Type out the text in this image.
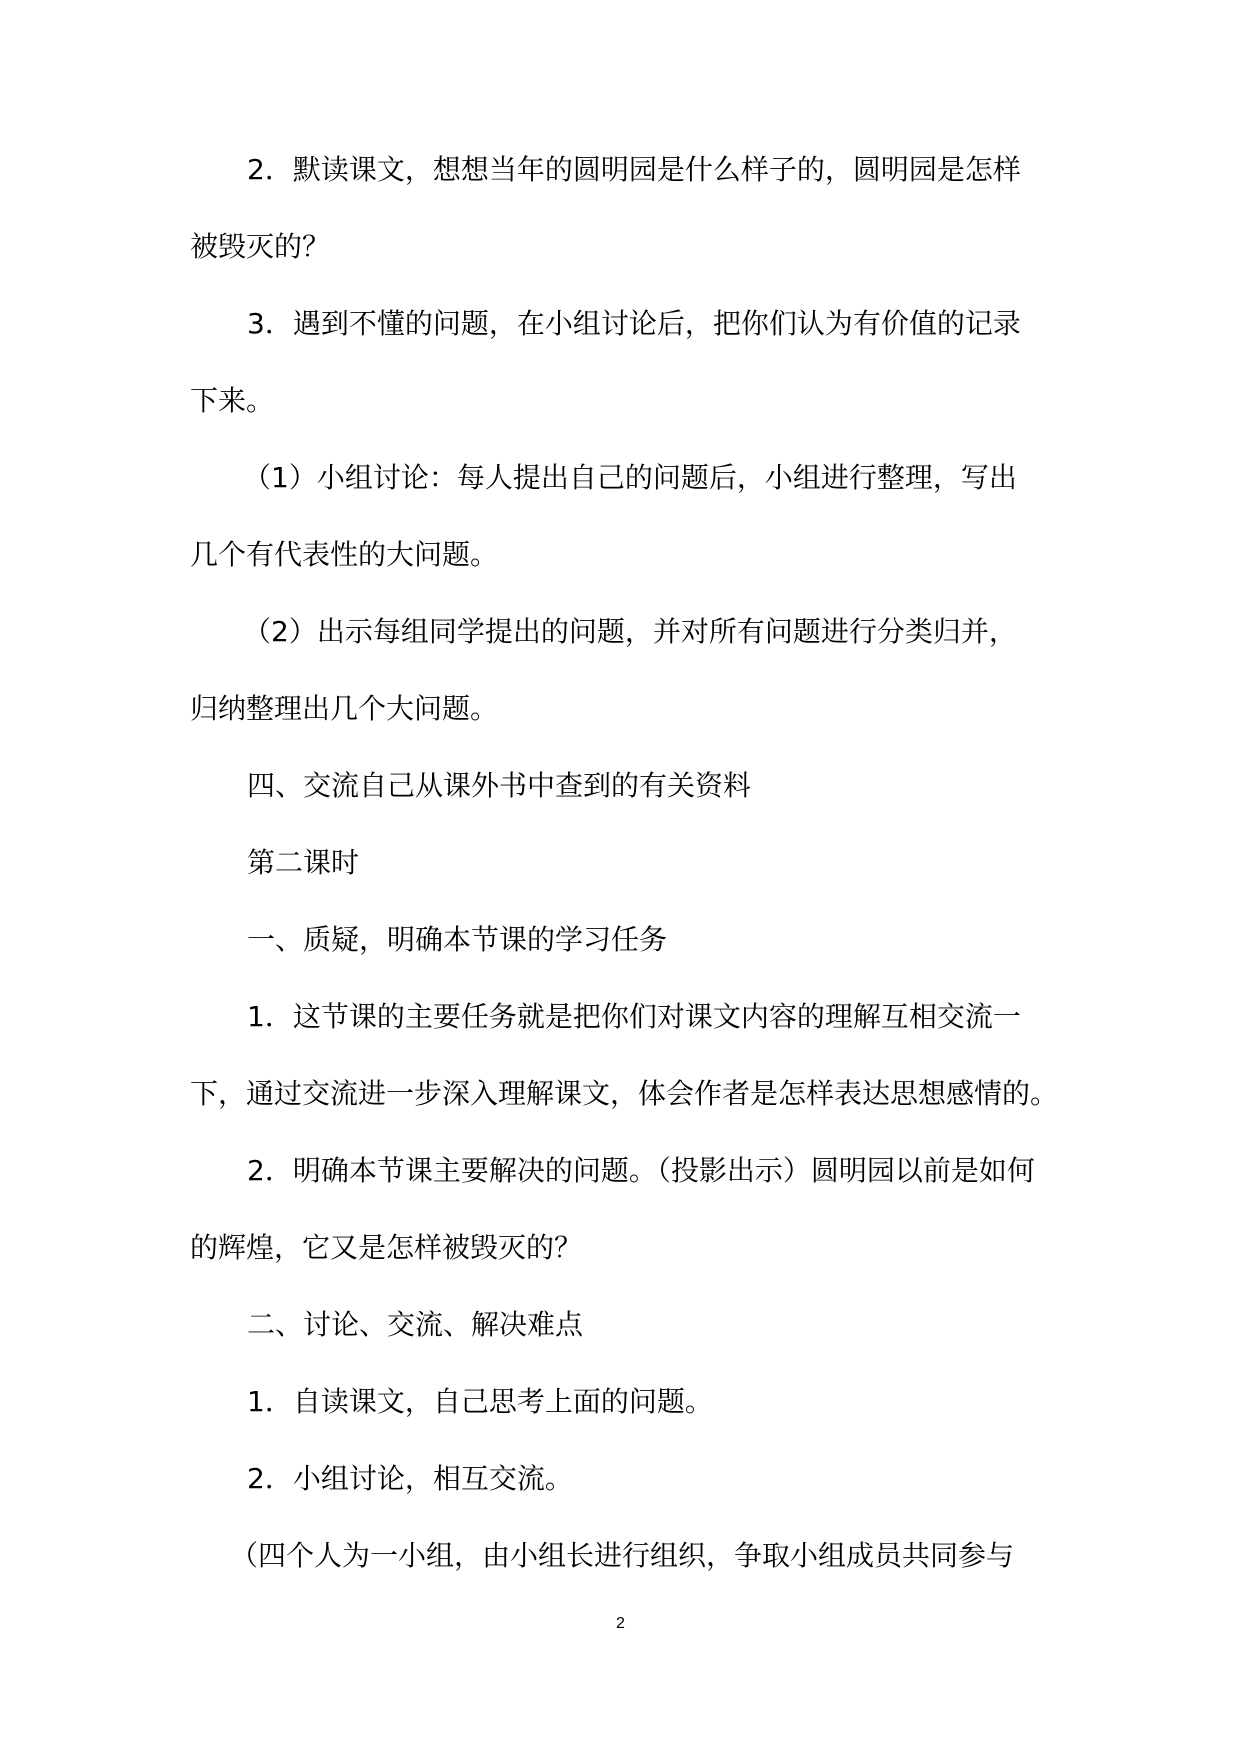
2．默读课文，想想当年的圆明园是什么样子的，圆明园是怎样
被毁灭的？
3．遇到不懂的问题，在小组讨论后，把你们认为有价值的记录
下来。
（1）小组讨论：每人提出自己的问题后，小组进行整理，写出
几个有代表性的大问题。
（2）出示每组同学提出的问题，并对所有问题进行分类归并，
归纳整理出几个大问题。
四、交流自己从课外书中查到的有关资料
第二课时
一、质疑，明确本节课的学习任务
1．这节课的主要任务就是把你们对课文内容的理解互相交流一
下，通过交流进一步深入理解课文，体会作者是怎样表达思想感情的。
2．明确本节课主要解决的问题。（投影出示）圆明园以前是如何
的辉煌，它又是怎样被毁灭的？
二、讨论、交流、解决难点
1．自读课文，自己思考上面的问题。
2．小组讨论，相互交流。
（四个人为一小组，由小组长进行组织，争取小组成员共同参与
2
